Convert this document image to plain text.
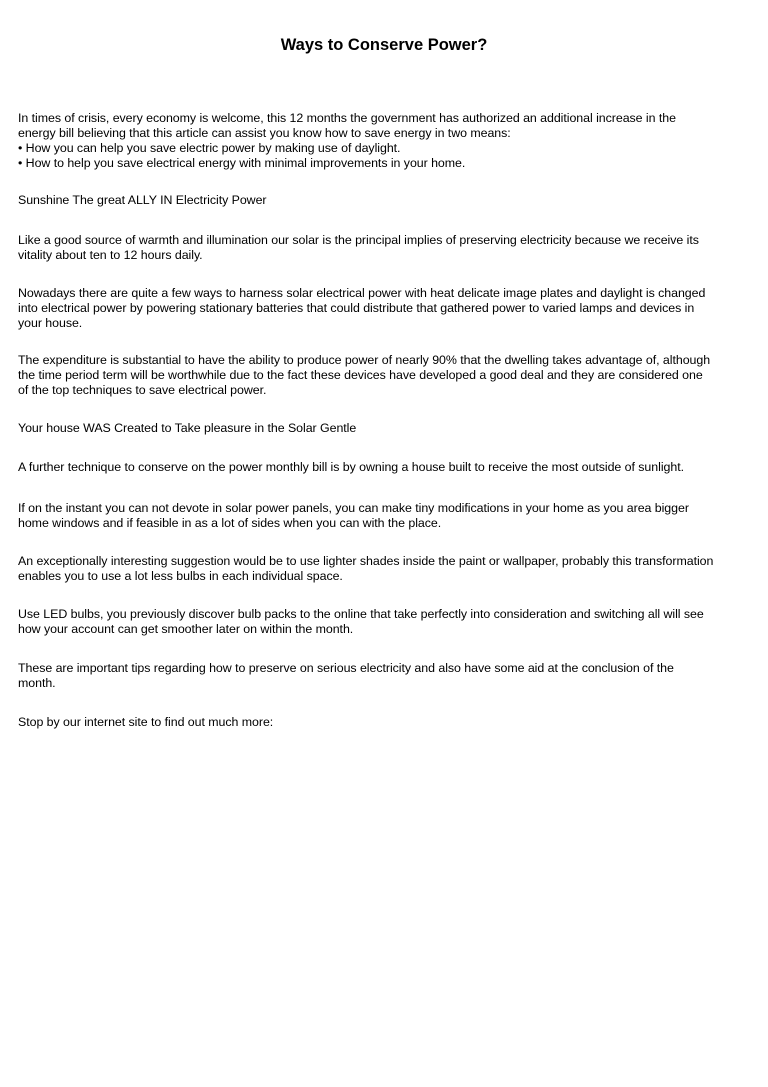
Ways to Conserve Power?

In times of crisis, every economy is welcome, this 12 months the government has authorized an additional increase in the
energy bill believing that this article can assist you know how to save energy in two means:
• How you can help you save electric power by making use of daylight.
• How to help you save electrical energy with minimal improvements in your home.

Sunshine The great ALLY IN Electricity Power

Like a good source of warmth and illumination our solar is the principal implies of preserving electricity because we receive its
vitality about ten to 12 hours daily.

Nowadays there are quite a few ways to harness solar electrical power with heat delicate image plates and daylight is changed
into electrical power by powering stationary batteries that could distribute that gathered power to varied lamps and devices in
your house.

The expenditure is substantial to have the ability to produce power of nearly 90% that the dwelling takes advantage of, although
the time period term will be worthwhile due to the fact these devices have developed a good deal and they are considered one
of the top techniques to save electrical power.

Your house WAS Created to Take pleasure in the Solar Gentle

A further technique to conserve on the power monthly bill is by owning a house built to receive the most outside of sunlight.

If on the instant you can not devote in solar power panels, you can make tiny modifications in your home as you area bigger
home windows and if feasible in as a lot of sides when you can with the place.

An exceptionally interesting suggestion would be to use lighter shades inside the paint or wallpaper, probably this transformation
enables you to use a lot less bulbs in each individual space.

Use LED bulbs, you previously discover bulb packs to the online that take perfectly into consideration and switching all will see
how your account can get smoother later on within the month.

These are important tips regarding how to preserve on serious electricity and also have some aid at the conclusion of the
month.

Stop by our internet site to find out much more:
